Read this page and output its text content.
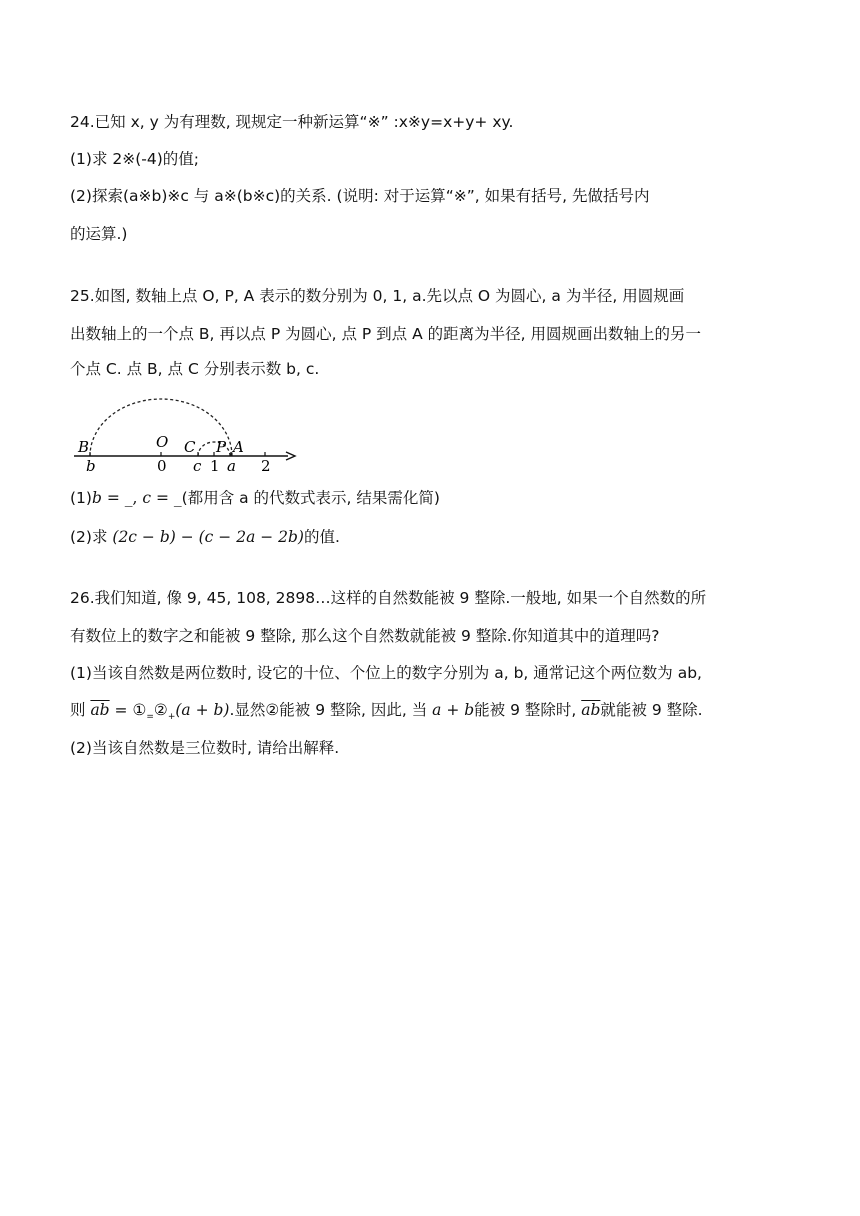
24.已知 x, y 为有理数, 现规定一种新运算“※” :x※y=x+y+ xy.
(1)求 2※(-4)的值;
(2)探索(a※b)※c 与 a※(b※c)的关系. (说明: 对于运算“※”, 如果有括号, 先做括号内
的运算.)
25.如图, 数轴上点 O, P, A 表示的数分别为 0, 1, a.先以点 O 为圆心, a 为半径, 用圆规画
出数轴上的一个点 B, 再以点 P 为圆心, 点 P 到点 A 的距离为半径, 用圆规画出数轴上的另一
个点 C. 点 B, 点 C 分别表示数 b, c.
B	O C P A
b	0 c 1 a 2
(1)b = _, c = _(都用含 a 的代数式表示, 结果需化简)
(2)求 (2c − b) − (c − 2a − 2b)的值.
26.我们知道, 像 9, 45, 108, 2898…这样的自然数能被 9 整除.一般地, 如果一个自然数的所
有数位上的数字之和能被 9 整除, 那么这个自然数就能被 9 整除.你知道其中的道理吗?
(1)当该自然数是两位数时, 设它的十位、个位上的数字分别为 a, b, 通常记这个两位数为 ab,
则 $\overline{ab}$ = $①_=②_+(a + b)$.显然②能被 9 整除, 因此, 当 a + b能被 9 整除时, $\overline{ab}$就能被 9 整除.
(2)当该自然数是三位数时, 请给出解释.
